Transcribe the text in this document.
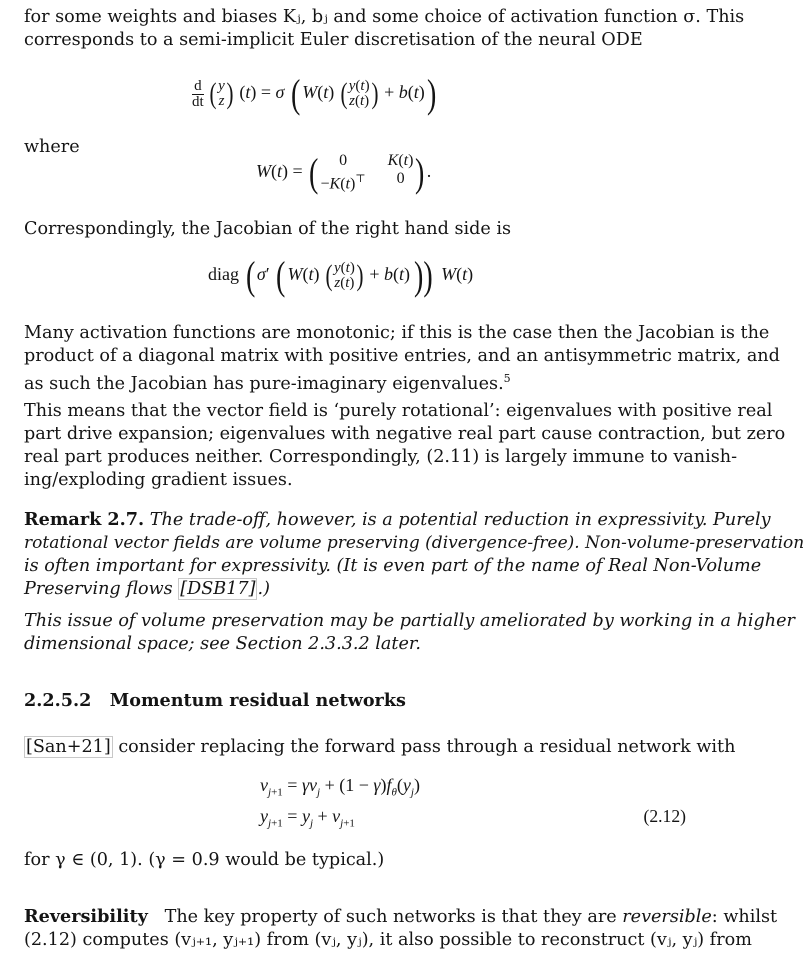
for some weights and biases Kⱼ, bⱼ and some choice of activation function σ. This
corresponds to a semi-implicit Euler discretisation of the neural ODE
$\frac{d}{dt}$ ( y
z ) (t) = σ ( W(t) ( y(t)
z(t) ) + b(t))
where
W(t) = (	0	K(t)
−K(t)⊤	0 ) .
Correspondingly, the Jacobian of the right hand side is
diag ( σ′ ( W(t) ( y(t)
z(t) ) + b(t))) W(t)
Many activation functions are monotonic; if this is the case then the Jacobian is the
product of a diagonal matrix with positive entries, and an antisymmetric matrix, and
as such the Jacobian has pure-imaginary eigenvalues.$^5$
This means that the vector field is ‘purely rotational’: eigenvalues with positive real
part drive expansion; eigenvalues with negative real part cause contraction, but zero
real part produces neither. Correspondingly, (2.11) is largely immune to vanish-
ing/exploding gradient issues.
Remark 2.7. The trade-off, however, is a potential reduction in expressivity. Purely
rotational vector fields are volume preserving (divergence-free). Non-volume-preservation
is often important for expressivity. (It is even part of the name of Real Non-Volume
Preserving flows [DSB17] .)
This issue of volume preservation may be partially ameliorated by working in a higher
dimensional space; see Section 2.3.3.2 later.
2.2.5.2 Momentum residual networks
[San+21] consider replacing the forward pass through a residual network with
$v_{j+1} = \gamma v_j + (1 - \gamma)f_\theta(y_j)$
$y_{j+1} = y_j + v_{j+1}$	(2.12)
for γ ∈ (0, 1). (γ = 0.9 would be typical.)
Reversibility The key property of such networks is that they are reversible: whilst
(2.12) computes (vⱼ₊₁, yⱼ₊₁) from (vⱼ, yⱼ), it also possible to reconstruct (vⱼ, yⱼ) from
